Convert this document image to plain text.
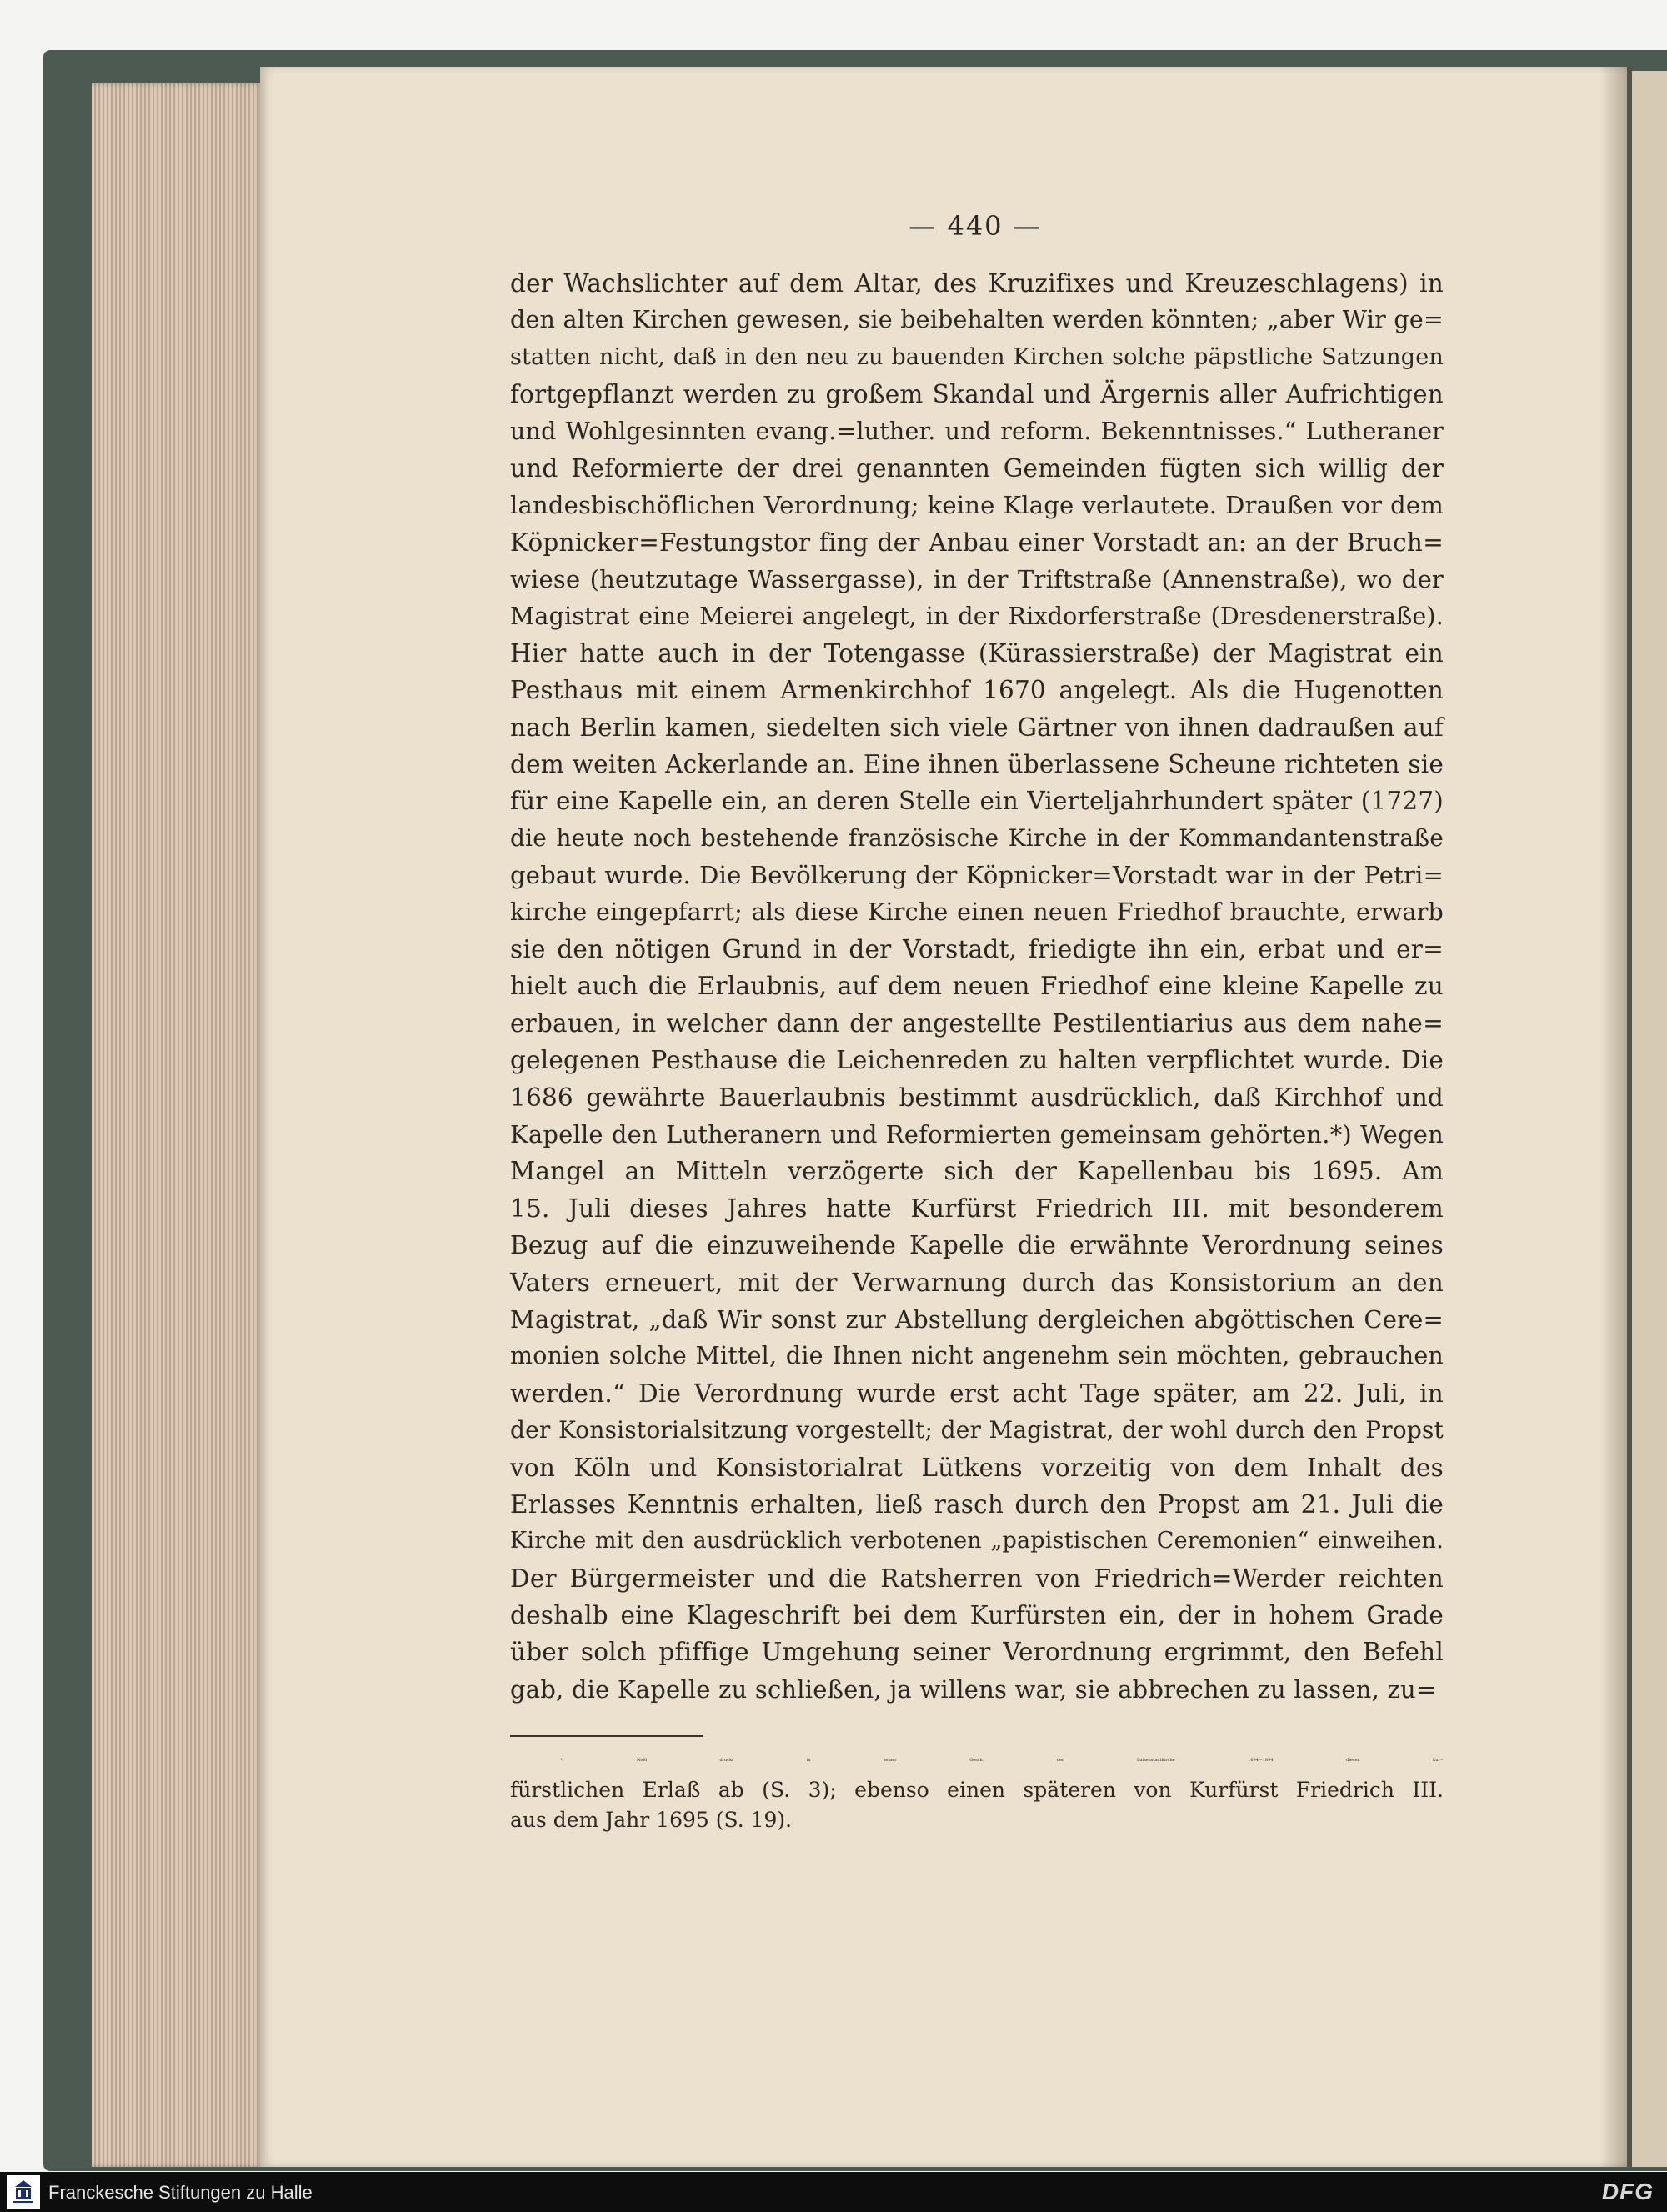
— 440 —
der Wachslichter auf dem Altar, des Kruzifixes und Kreuzeschlagens) in
den alten Kirchen gewesen, sie beibehalten werden könnten; „aber Wir ge=
statten nicht, daß in den neu zu bauenden Kirchen solche päpstliche Satzungen
fortgepflanzt werden zu großem Skandal und Ärgernis aller Aufrichtigen
und Wohlgesinnten evang.=luther. und reform. Bekenntnisses.“ Lutheraner
und Reformierte der drei genannten Gemeinden fügten sich willig der
landesbischöflichen Verordnung; keine Klage verlautete. Draußen vor dem
Köpnicker=Festungstor fing der Anbau einer Vorstadt an: an der Bruch=
wiese (heutzutage Wassergasse), in der Triftstraße (Annenstraße), wo der
Magistrat eine Meierei angelegt, in der Rixdorferstraße (Dresdenerstraße).
Hier hatte auch in der Totengasse (Kürassierstraße) der Magistrat ein
Pesthaus mit einem Armenkirchhof 1670 angelegt. Als die Hugenotten
nach Berlin kamen, siedelten sich viele Gärtner von ihnen dadraußen auf
dem weiten Ackerlande an. Eine ihnen überlassene Scheune richteten sie
für eine Kapelle ein, an deren Stelle ein Vierteljahrhundert später (1727)
die heute noch bestehende französische Kirche in der Kommandantenstraße
gebaut wurde. Die Bevölkerung der Köpnicker=Vorstadt war in der Petri=
kirche eingepfarrt; als diese Kirche einen neuen Friedhof brauchte, erwarb
sie den nötigen Grund in der Vorstadt, friedigte ihn ein, erbat und er=
hielt auch die Erlaubnis, auf dem neuen Friedhof eine kleine Kapelle zu
erbauen, in welcher dann der angestellte Pestilentiarius aus dem nahe=
gelegenen Pesthause die Leichenreden zu halten verpflichtet wurde. Die
1686 gewährte Bauerlaubnis bestimmt ausdrücklich, daß Kirchhof und
Kapelle den Lutheranern und Reformierten gemeinsam gehörten.*) Wegen
Mangel an Mitteln verzögerte sich der Kapellenbau bis 1695. Am
15. Juli dieses Jahres hatte Kurfürst Friedrich III. mit besonderem
Bezug auf die einzuweihende Kapelle die erwähnte Verordnung seines
Vaters erneuert, mit der Verwarnung durch das Konsistorium an den
Magistrat, „daß Wir sonst zur Abstellung dergleichen abgöttischen Cere=
monien solche Mittel, die Ihnen nicht angenehm sein möchten, gebrauchen
werden.“ Die Verordnung wurde erst acht Tage später, am 22. Juli, in
der Konsistorialsitzung vorgestellt; der Magistrat, der wohl durch den Propst
von Köln und Konsistorialrat Lütkens vorzeitig von dem Inhalt des
Erlasses Kenntnis erhalten, ließ rasch durch den Propst am 21. Juli die
Kirche mit den ausdrücklich verbotenen „papistischen Ceremonien“ einweihen.
Der Bürgermeister und die Ratsherren von Friedrich=Werder reichten
deshalb eine Klageschrift bei dem Kurfürsten ein, der in hohem Grade
über solch pfiffige Umgehung seiner Verordnung ergrimmt, den Befehl
gab, die Kapelle zu schließen, ja willens war, sie abbrechen zu lassen, zu=
*) Noël druckt in seiner Gesch. der Luisenstadtkirche 1694—1894 diesen kur=
fürstlichen Erlaß ab (S. 3); ebenso einen späteren von Kurfürst Friedrich III.
aus dem Jahr 1695 (S. 19).
Franckesche Stiftungen zu Halle	DFG
